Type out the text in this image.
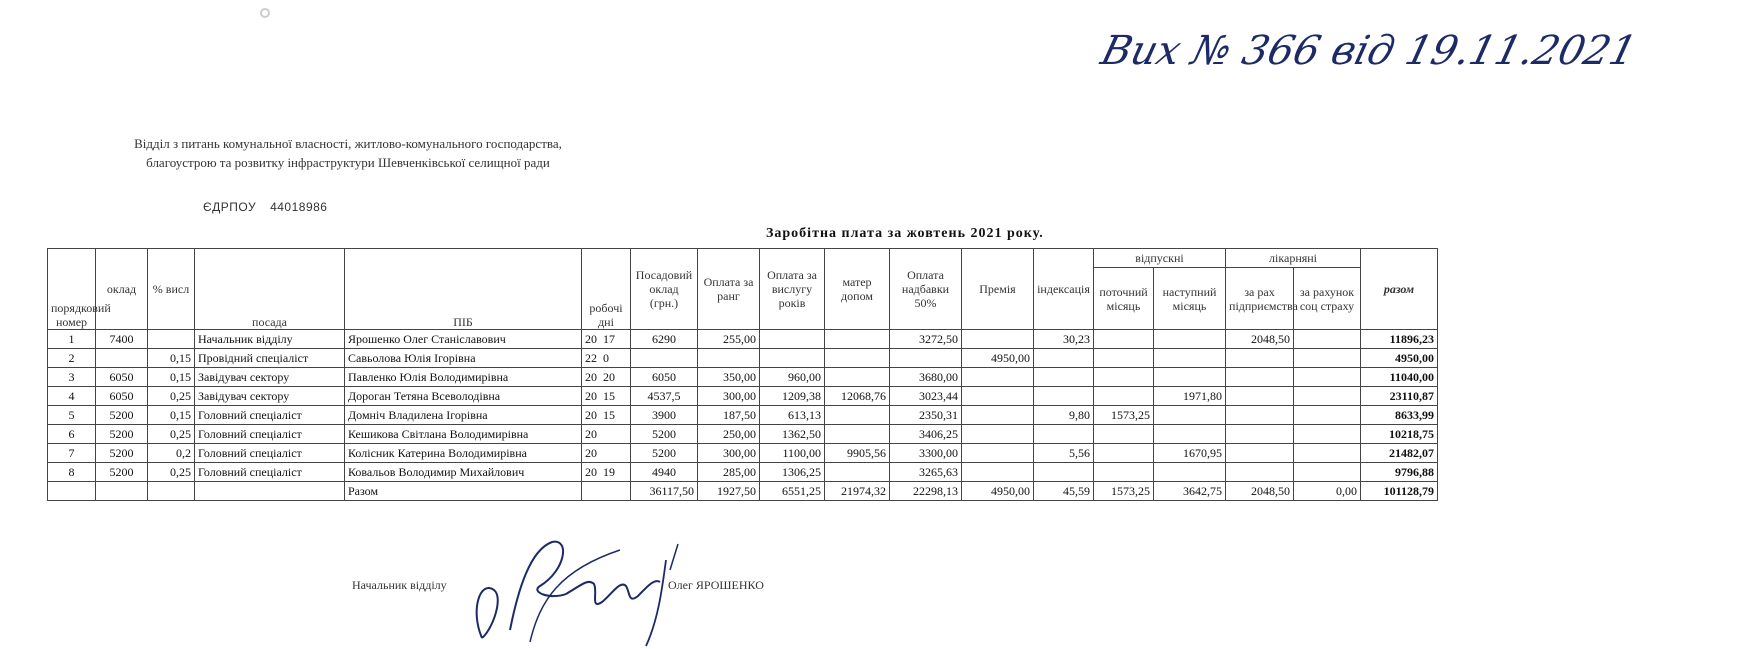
Вих № 366 від 19.11.2021
Відділ з питань комунальної власності, житлово-комунального господарства,
благоустрою та розвитку інфраструктури Шевченківської селищної ради
ЄДРПОУ 44018986
Заробітна плата за жовтень 2021 року.
порядковий номер	оклад	% висл	посада	ПІБ	робочі дні	Посадовий оклад (грн.)	Оплата за ранг	Оплата за вислугу років	матер допом	Оплата надбавки 50%	Премія	індексація	відпускні		лікарняні		разом
													поточний місяць	наступний місяць	за рах підприємства	за рахунок соц страху	

1	7400		Начальник відділу	Ярошенко Олег Станіславович	20 17	6290	255,00			3272,50		30,23			2048,50		11896,23
2		0,15	Провідний спеціаліст	Савьолова Юлія Ігорівна	22 0						4950,00						4950,00
3	6050	0,15	Завідувач сектору	Павленко Юлія Володимирівна	20 20	6050	350,00	960,00		3680,00							11040,00
4	6050	0,25	Завідувач сектору	Дороган Тетяна Всеволодівна	20 15	4537,5	300,00	1209,38	12068,76	3023,44				1971,80			23110,87
5	5200	0,15	Головний спеціаліст	Домніч Владилена Ігорівна	20 15	3900	187,50	613,13		2350,31		9,80	1573,25				8633,99
6	5200	0,25	Головний спеціаліст	Кешикова Світлана Володимирівна	20	5200	250,00	1362,50		3406,25							10218,75
7	5200	0,2	Головний спеціаліст	Колісник Катерина Володимирівна	20	5200	300,00	1100,00	9905,56	3300,00		5,56		1670,95			21482,07
8	5200	0,25	Головний спеціаліст	Ковальов Володимир Михайлович	20 19	4940	285,00	1306,25		3265,63							9796,88
				Разом		36117,50	1927,50	6551,25	21974,32	22298,13	4950,00	45,59	1573,25	3642,75	2048,50	0,00	101128,79
Начальник відділу	Олег ЯРОШЕНКО
